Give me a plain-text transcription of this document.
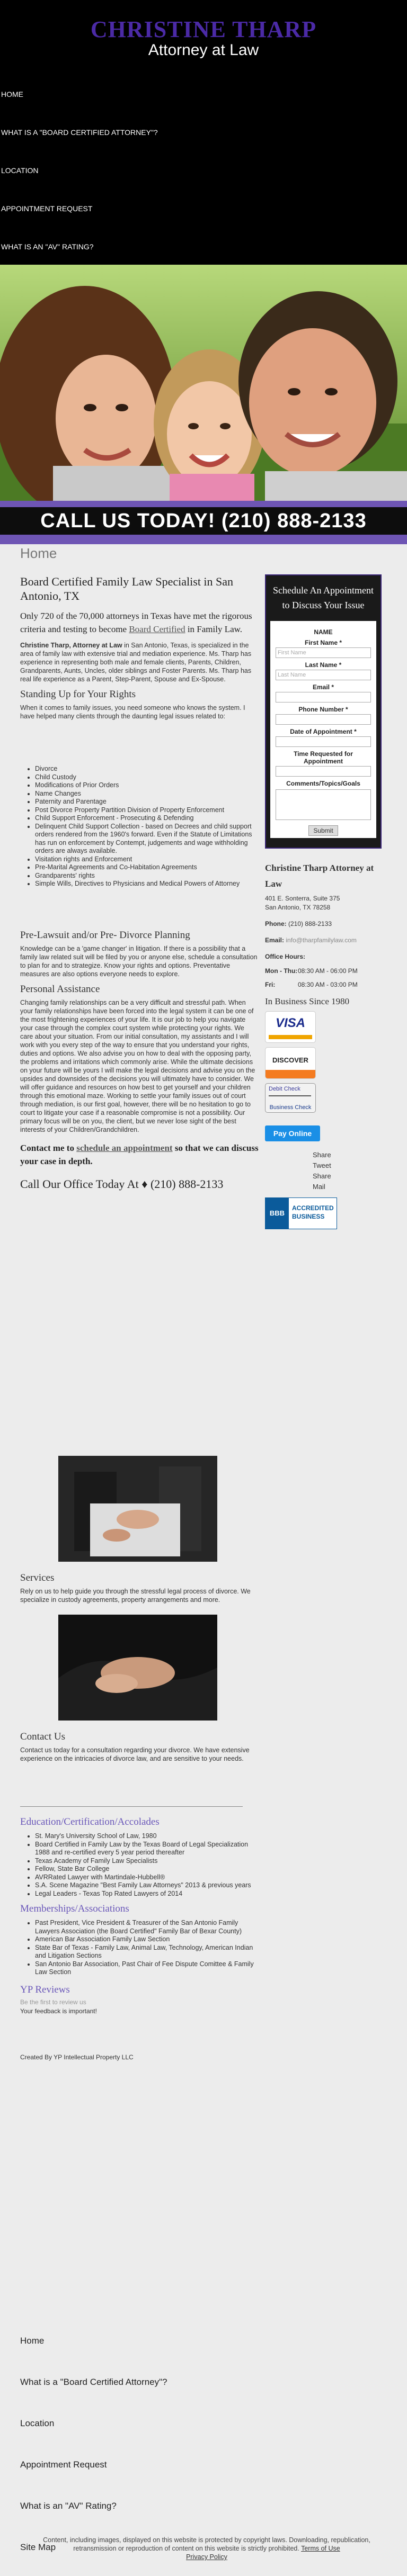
CHRISTINE THARP
Attorney at Law
HOME
WHAT IS A "BOARD CERTIFIED ATTORNEY"?
LOCATION
APPOINTMENT REQUEST
WHAT IS AN "AV" RATING?
CALL US TODAY! (210) 888-2133
Home
Board Certified Family Law Specialist in San Antonio, TX

Only 720 of the 70,000 attorneys in Texas have met the rigorous criteria and testing to become Board Certified in Family Law.

Christine Tharp, Attorney at Law in San Antonio, Texas, is specialized in the area of family law with extensive trial and mediation experience. Ms. Tharp has experience in representing both male and female clients, Parents, Children, Grandparents, Aunts, Uncles, older siblings and Foster Parents. Ms. Tharp has real life experience as a Parent, Step-Parent, Spouse and Ex-Spouse.

Standing Up for Your Rights

When it comes to family issues, you need someone who knows the system. I have helped many clients through the daunting legal issues related to:

• Divorce
• Child Custody
• Modifications of Prior Orders
• Name Changes
• Paternity and Parentage
• Post Divorce Property Partition Division of Property Enforcement
• Child Support Enforcement - Prosecuting & Defending
• Delinquent Child Support Collection - based on Decrees and child support orders rendered from the 1960's forward. Even if the Statute of Limitations has run on enforcement by Contempt, judgements and wage withholding orders are always available.
• Visitation rights and Enforcement
• Pre-Marital Agreements and Co-Habitation Agreements
• Grandparents' rights
• Simple Wills, Directives to Physicians and Medical Powers of Attorney
Pre-Lawsuit and/or Pre- Divorce Planning

Knowledge can be a 'game changer' in litigation. If there is a possibility that a family law related suit will be filed by you or anyone else, schedule a consultation to plan for and to strategize. Know your rights and options. Preventative measures are also options everyone needs to explore.

Personal Assistance

Changing family relationships can be a very difficult and stressful path. When your family relationships have been forced into the legal system it can be one of the most frightening experiences of your life. It is our job to help you navigate your case through the complex court system while protecting your rights. We care about your situation. From our initial consultation, my assistants and I will work with you every step of the way to ensure that you understand your rights, duties and options. We also advise you on how to deal with the opposing party, the problems and irritations which commonly arise. While the ultimate decisions on your future will be yours I will make the legal decisions and advise you on the upsides and downsides of the decisions you will ultimately have to consider. We will offer guidance and resources on how best to get yourself and your children through this emotional maze. Working to settle your family issues out of court through mediation, is our first goal, however, there will be no hesitation to go to court to litigate your case if a reasonable compromise is not a possibility. Our primary focus will be on you, the client, but we never lose sight of the best interests of your Children/Grandchildren.

Contact me to schedule an appointment so that we can discuss your case in depth.

Call Our Office Today At ♦ (210) 888-2133

Schedule An Appointment to Discuss Your Issue
NAME
First Name *
First Name
Last Name *
Last Name
Email *
Phone Number *
Date of Appointment *
Time Requested for Appointment
Comments/Topics/Goals
Submit
Christine Tharp Attorney at Law
401 E. Sonterra, Suite 375
San Antonio, TX 78258
Phone: (210) 888-2133
Email: info@tharpfamilylaw.com
Office Hours:
Mon - Thu: 08:30 AM - 06:00 PM
Fri:	08:30 AM - 03:00 PM
In Business Since 1980
VISA
DISCOVER
Debit Check
Business Check
Pay Online
Share
Tweet
Share
Mail
BBB
ACCREDITED
BUSINESS
Services

Rely on us to help guide you through the stressful legal process of divorce. We specialize in custody agreements, property arrangements and more.

Contact Us

Contact us today for a consultation regarding your divorce. We have extensive experience on the intricacies of divorce law, and are sensitive to your needs.

Education/Certification/Accolades
• St. Mary's University School of Law, 1980
• Board Certified in Family Law by the Texas Board of Legal Specialization 1988 and re-certified every 5 year period thereafter
• Texas Academy of Family Law Specialists
• Fellow, State Bar College
• AVRRated Lawyer with Martindale-Hubbell®
• S.A. Scene Magazine "Best Family Law Attorneys" 2013 & previous years
• Legal Leaders - Texas Top Rated Lawyers of 2014
Memberships/Associations
• Past President, Vice President & Treasurer of the San Antonio Family Lawyers Association (the Board Certified" Family Bar of Bexar County)
• American Bar Association Family Law Section
• State Bar of Texas - Family Law, Animal Law, Technology, American Indian and Litigation Sections
• San Antonio Bar Association, Past Chair of Fee Dispute Comittee & Family Law Section
YP Reviews
Be the first to review us
Your feedback is important!
Created By YP Intellectual Property LLC
Home
What is a "Board Certified Attorney"?
Location
Appointment Request
What is an "AV" Rating?
Site Map
Content, including images, displayed on this website is protected by copyright laws. Downloading, republication, retransmission or reproduction of content on this website is strictly prohibited. Terms of Use
Privacy Policy
